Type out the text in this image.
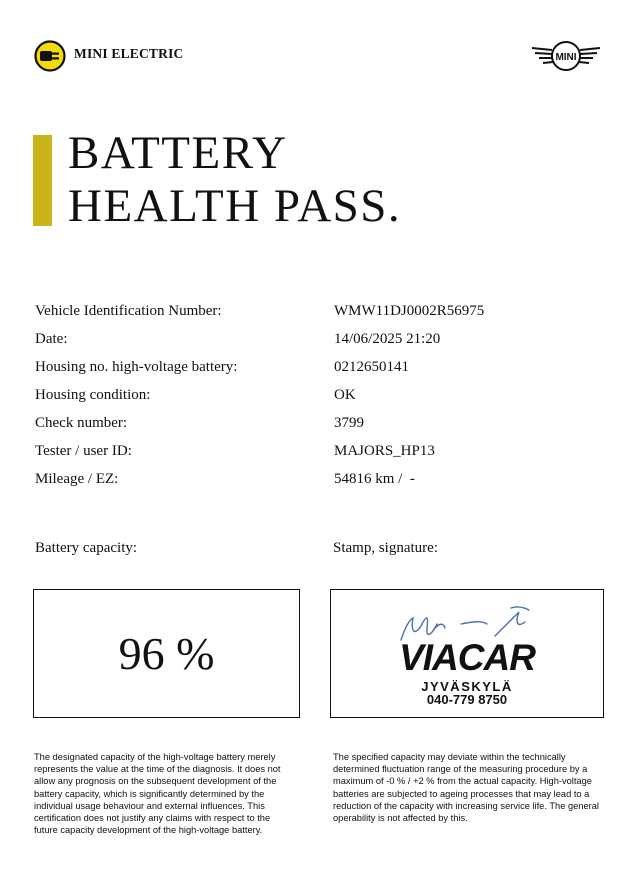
MINI ELECTRIC	MINI
BATTERY
HEALTH PASS.
Vehicle Identification Number:	WMW11DJ0002R56975
Date:	14/06/2025 21:20
Housing no. high-voltage battery:	0212650141
Housing condition:	OK
Check number:	3799
Tester / user ID:	MAJORS_HP13
Mileage / EZ:	54816 km /  -
Battery capacity:	Stamp, signature:
96 %	VIACAR
JYVÄSKYLÄ
040-779 8750
The designated capacity of the high-voltage battery merely represents the value at the time of the diagnosis. It does not allow any prognosis on the subsequent development of the battery capacity, which is significantly determined by the individual usage behaviour and external influences. This certification does not justify any claims with respect to the future capacity development of the high-voltage battery.
The specified capacity may deviate within the technically determined fluctuation range of the measuring procedure by a maximum of -0 % / +2 % from the actual capacity. High-voltage batteries are subjected to ageing processes that may lead to a reduction of the capacity with increasing service life. The general operability is not affected by this.
